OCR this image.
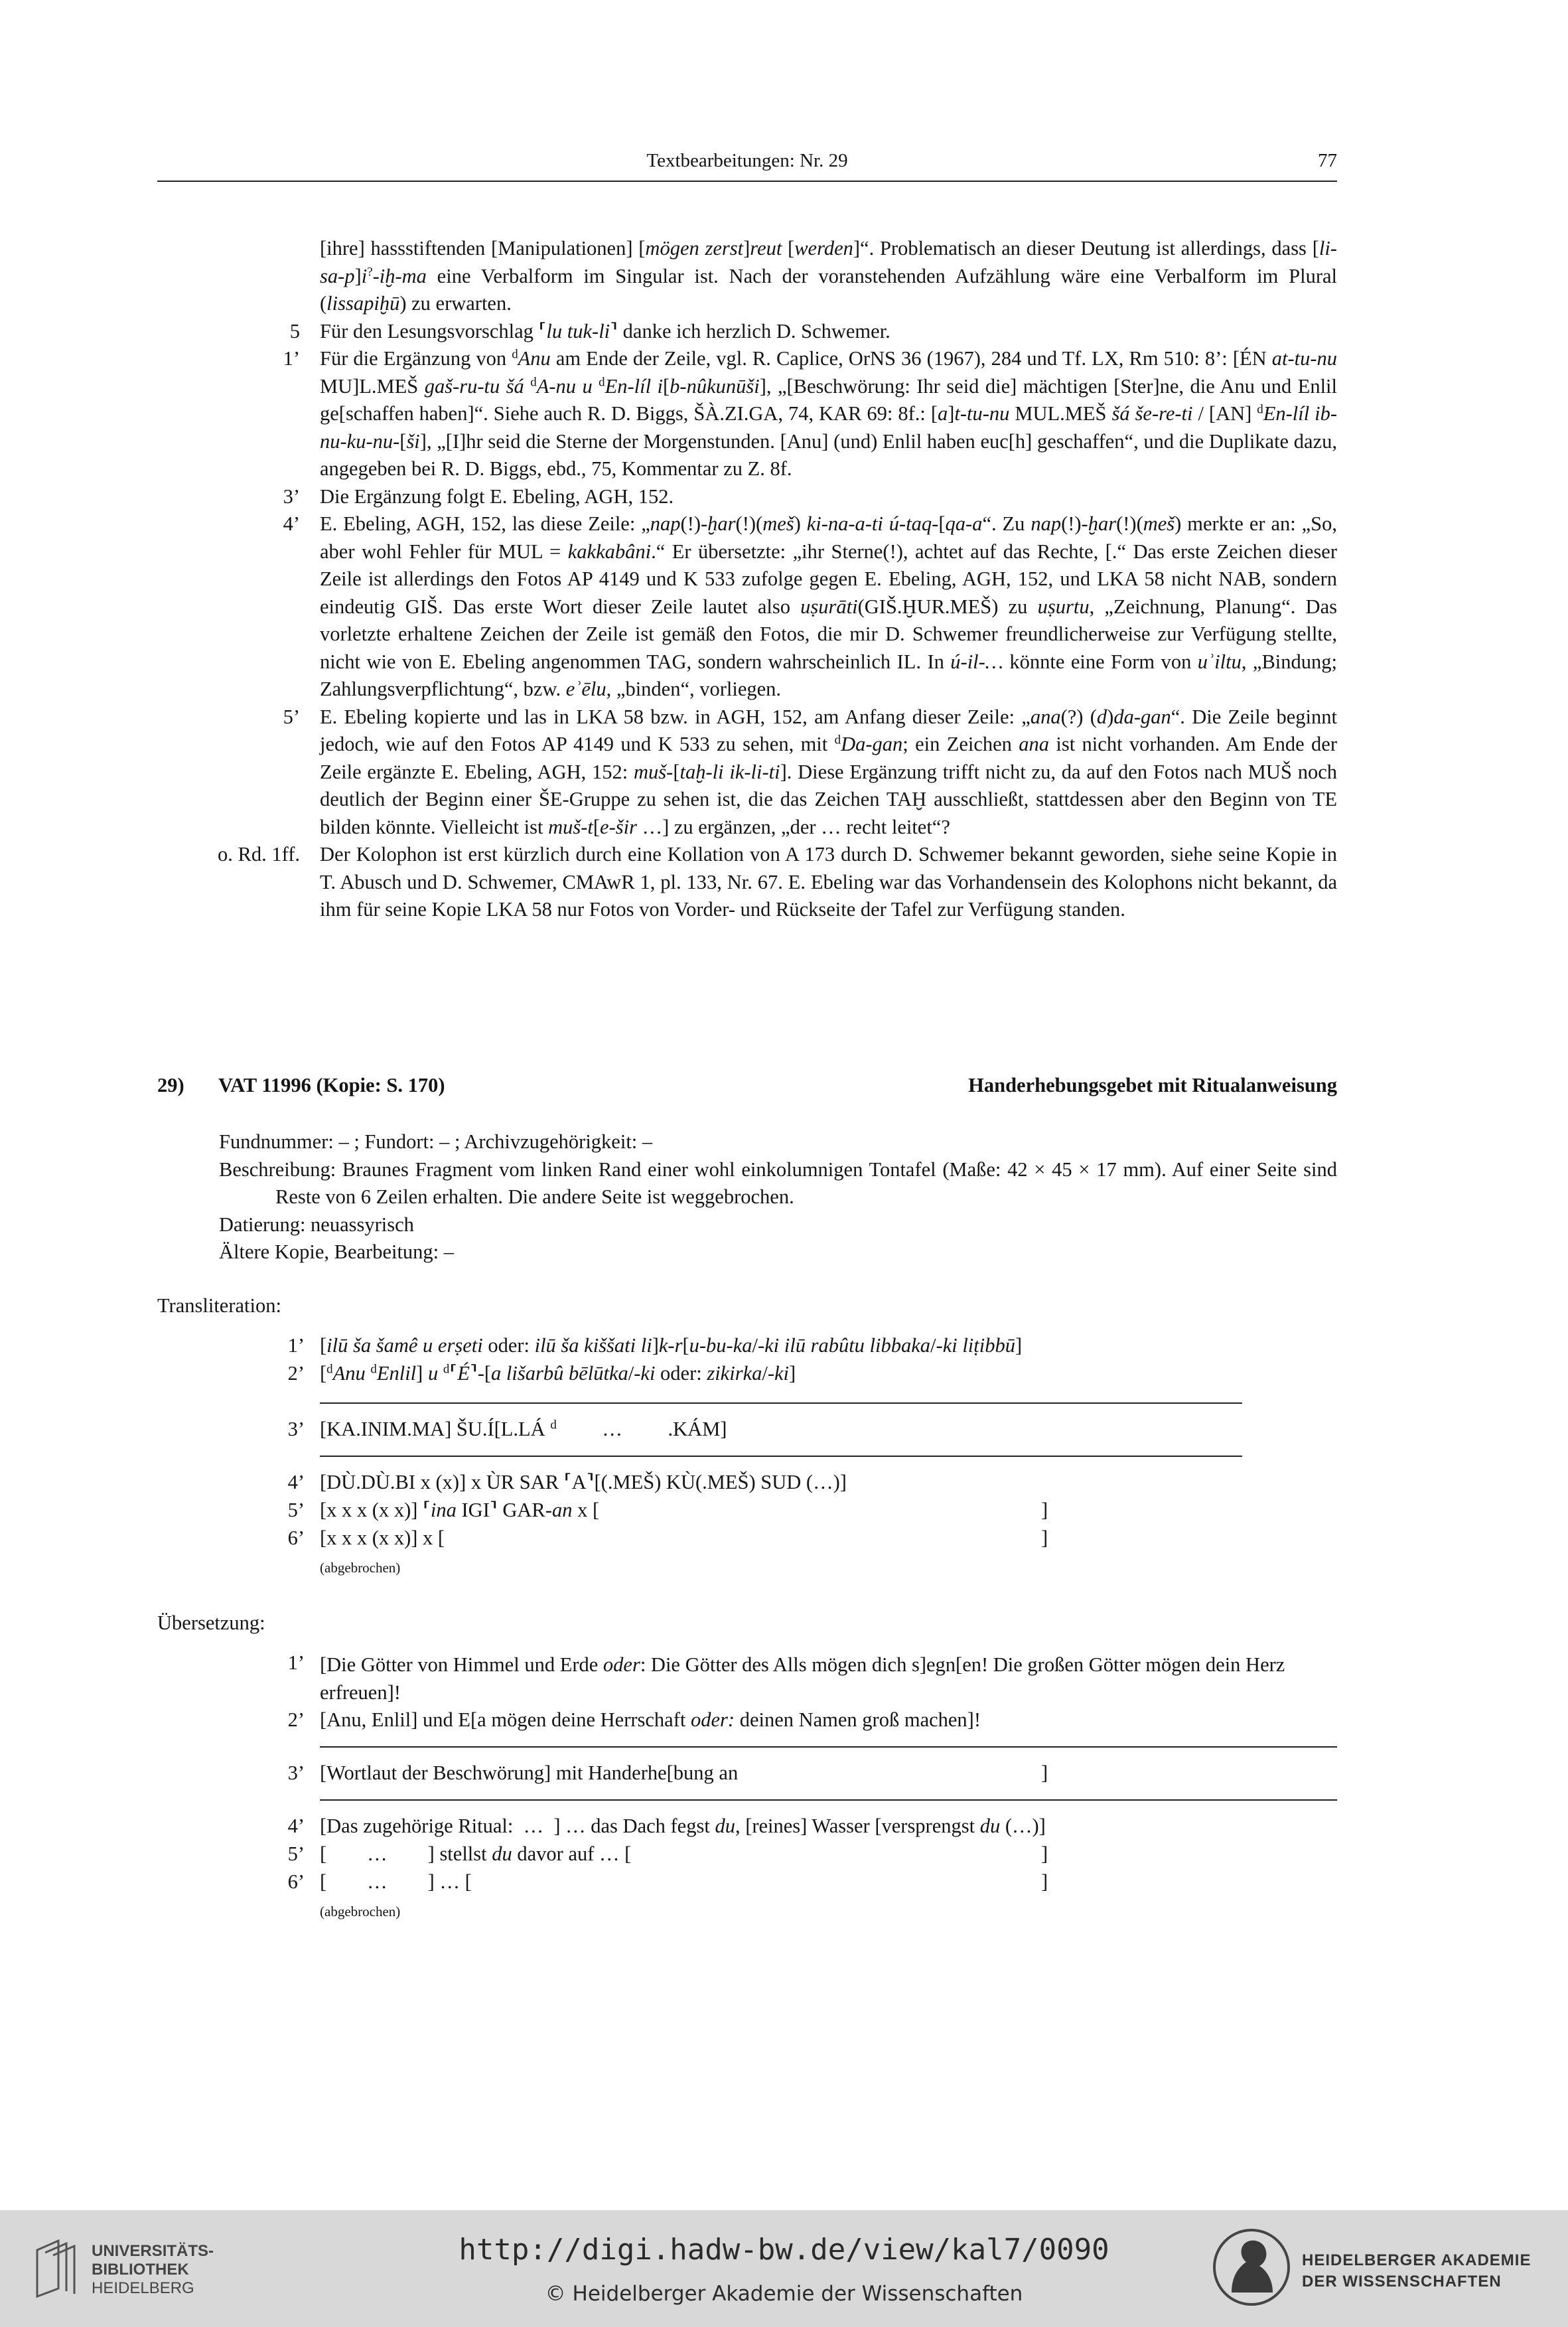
Textbearbeitungen: Nr. 29	77
[ihre] hassstiftenden [Manipulationen] [mögen zerst]reut [werden]“. Problematisch an dieser Deutung ist allerdings, dass [li-sa-p]i?-iḫ-ma eine Verbalform im Singular ist. Nach der voranstehenden Aufzählung wäre eine Verbalform im Plural (lissapiḫū) zu erwarten.
5 Für den Lesungsvorschlag ⸢lu tuk-li⸣ danke ich herzlich D. Schwemer.
1’ Für die Ergänzung von $^d$Anu am Ende der Zeile, vgl. R. Caplice, OrNS 36 (1967), 284 und Tf. LX, Rm 510: 8’: [ÉN at-tu-nu MU]L.MEŠ gaš-ru-tu šá $^d$A-nu u $^d$En-líl i[b-nûkunūši], „[Beschwörung: Ihr seid die] mächtigen [Ster]ne, die Anu und Enlil ge[schaffen haben]“. Siehe auch R. D. Biggs, ŠÀ.ZI.GA, 74, KAR 69: 8f.: [a]t-tu-nu MUL.MEŠ šá še-re-ti / [AN] $^d$En-líl ib-nu-ku-nu-[ši], „[I]hr seid die Sterne der Morgenstunden. [Anu] (und) Enlil haben euc[h] geschaffen“, und die Duplikate dazu, angegeben bei R. D. Biggs, ebd., 75, Kommentar zu Z. 8f.
3’ Die Ergänzung folgt E. Ebeling, AGH, 152.
4’ E. Ebeling, AGH, 152, las diese Zeile: „nap(!)-ḫar(!)(meš) ki-na-a-ti ú-taq-[qa-a“. Zu nap(!)-ḫar(!)(meš) merkte er an: „So, aber wohl Fehler für MUL = kakkabâni.“ Er übersetzte: „ihr Sterne(!), achtet auf das Rechte, [.“ Das erste Zeichen dieser Zeile ist allerdings den Fotos AP 4149 und K 533 zufolge gegen E. Ebeling, AGH, 152, und LKA 58 nicht NAB, sondern eindeutig GIŠ. Das erste Wort dieser Zeile lautet also uṣurāti(GIŠ.ḪUR.MEŠ) zu uṣurtu, „Zeichnung, Planung“. Das vorletzte erhaltene Zeichen der Zeile ist gemäß den Fotos, die mir D. Schwemer freundlicherweise zur Verfügung stellte, nicht wie von E. Ebeling angenommen TAG, sondern wahrscheinlich IL. In ú-il-… könnte eine Form von uʾiltu, „Bindung; Zahlungsverpflichtung“, bzw. eʾēlu, „binden“, vorliegen.
5’ E. Ebeling kopierte und las in LKA 58 bzw. in AGH, 152, am Anfang dieser Zeile: „ana(?) (d)da-gan“. Die Zeile beginnt jedoch, wie auf den Fotos AP 4149 und K 533 zu sehen, mit $^d$Da-gan; ein Zeichen ana ist nicht vorhanden. Am Ende der Zeile ergänzte E. Ebeling, AGH, 152: muš-[taḫ-li ik-li-ti]. Diese Ergänzung trifft nicht zu, da auf den Fotos nach MUŠ noch deutlich der Beginn einer ŠE-Gruppe zu sehen ist, die das Zeichen TAḪ ausschließt, stattdessen aber den Beginn von TE bilden könnte. Vielleicht ist muš-t[e-šir …] zu ergänzen, „der … recht leitet“?
o. Rd. 1ff. Der Kolophon ist erst kürzlich durch eine Kollation von A 173 durch D. Schwemer bekannt geworden, siehe seine Kopie in T. Abusch und D. Schwemer, CMAwR 1, pl. 133, Nr. 67. E. Ebeling war das Vorhandensein des Kolophons nicht bekannt, da ihm für seine Kopie LKA 58 nur Fotos von Vorder- und Rückseite der Tafel zur Verfügung standen.
29) VAT 11996 (Kopie: S. 170)	Handerhebungsgebet mit Ritualanweisung

Fundnummer: – ; Fundort: – ; Archivzugehörigkeit: –

Beschreibung: Braunes Fragment vom linken Rand einer wohl einkolumnigen Tontafel (Maße: 42 × 45 × 17 mm). Auf einer Seite sind Reste von 6 Zeilen erhalten. Die andere Seite ist weggebrochen.

Datierung: neuassyrisch

Ältere Kopie, Bearbeitung: –

Transliteration:
1’ [ilū ša šamê u erṣeti oder: ilū ša kiššati li]k-r[u-bu-ka/-ki ilū rabûtu libbaka/-ki liṭibbū]
2’ [$^d$Anu $^d$Enlil] u $^d$⸢É⸣-[a lišarbû bēlūtka/-ki oder: zikirka/-ki]
3’ [KA.INIM.MA] ŠU.Í[L.LÁ $^d$         …         .KÁM]
4’ [DÙ.DÙ.BI x (x)] x ÙR SAR ⸢A⸣[(.MEŠ) KÙ(.MEŠ) SUD (…)]
5’ [x x x (x x)] ⸢ina IGI⸣ GAR-an x [	]
6’ [x x x (x x)] x [	]
(abgebrochen)
Übersetzung:
1’ [Die Götter von Himmel und Erde oder: Die Götter des Alls mögen dich s]egn[en! Die großen Götter mögen dein Herz erfreuen]!
2’ [Anu, Enlil] und E[a mögen deine Herrschaft oder: deinen Namen groß machen]!
3’ [Wortlaut der Beschwörung] mit Handerhe[bung an	]
4’ [Das zugehörige Ritual:  …  ] … das Dach fegst du, [reines] Wasser [versprengst du (…)]
5’ [        …        ] stellst du davor auf … [	]
6’ [        …        ] … [	]
(abgebrochen)
UNIVERSITÄTS-
BIBLIOTHEK
HEIDELBERG
http://digi.hadw-bw.de/view/kal7/0090
© Heidelberger Akademie der Wissenschaften
HEIDELBERGER AKADEMIE
DER WISSENSCHAFTEN
